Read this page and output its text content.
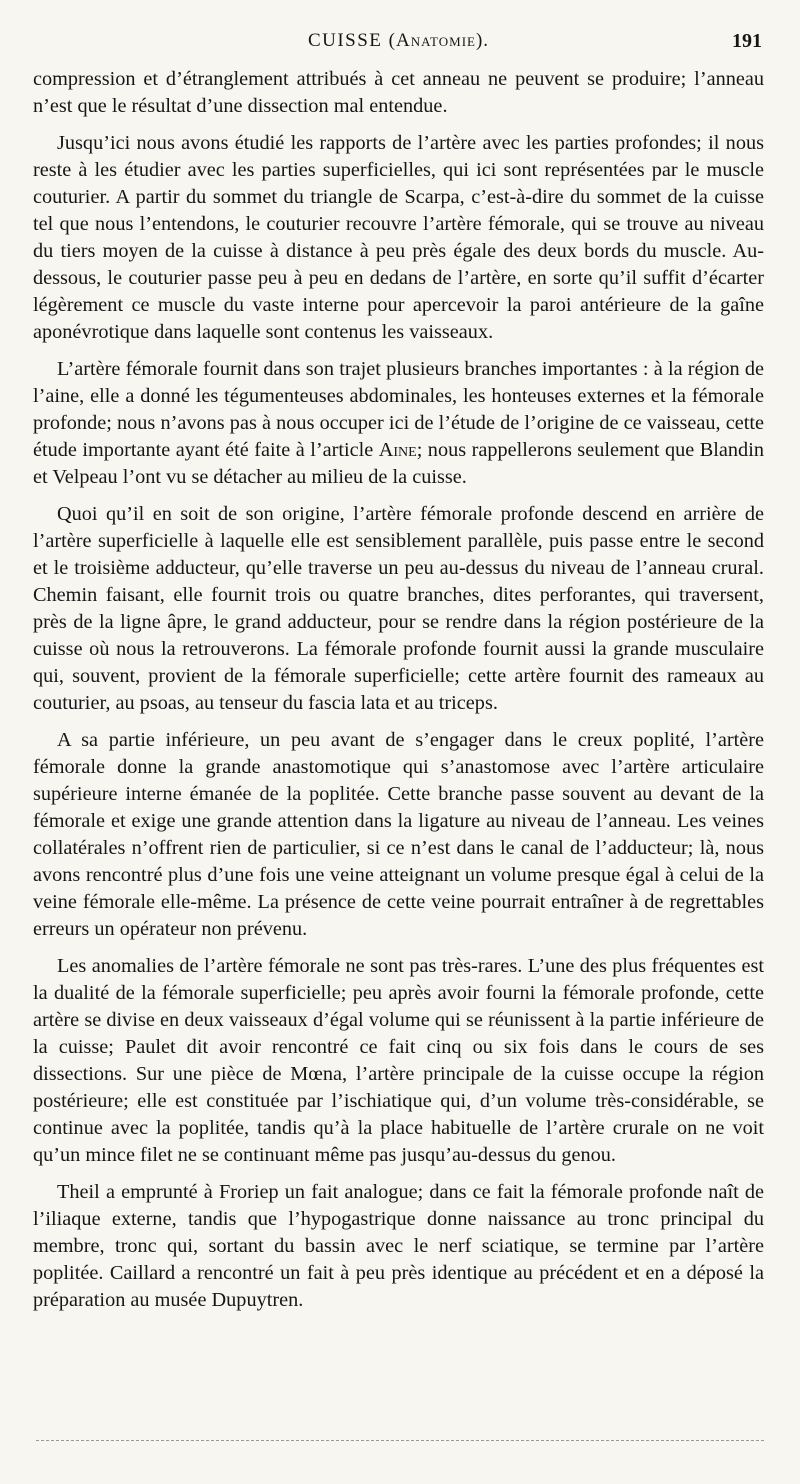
CUISSE (Anatomie).	191

compression et d’étranglement attribués à cet anneau ne peuvent se produire; l’anneau n’est que le résultat d’une dissection mal entendue.

Jusqu’ici nous avons étudié les rapports de l’artère avec les parties profondes; il nous reste à les étudier avec les parties superficielles, qui ici sont représentées par le muscle couturier. A partir du sommet du triangle de Scarpa, c’est-à-dire du sommet de la cuisse tel que nous l’entendons, le couturier recouvre l’artère fémorale, qui se trouve au niveau du tiers moyen de la cuisse à distance à peu près égale des deux bords du muscle. Au-dessous, le couturier passe peu à peu en dedans de l’artère, en sorte qu’il suffit d’écarter légèrement ce muscle du vaste interne pour apercevoir la paroi antérieure de la gaîne aponévrotique dans laquelle sont contenus les vaisseaux.

L’artère fémorale fournit dans son trajet plusieurs branches importantes : à la région de l’aine, elle a donné les tégumenteuses abdominales, les honteuses externes et la fémorale profonde; nous n’avons pas à nous occuper ici de l’étude de l’origine de ce vaisseau, cette étude importante ayant été faite à l’article Aine; nous rappellerons seulement que Blandin et Velpeau l’ont vu se détacher au milieu de la cuisse.

Quoi qu’il en soit de son origine, l’artère fémorale profonde descend en arrière de l’artère superficielle à laquelle elle est sensiblement parallèle, puis passe entre le second et le troisième adducteur, qu’elle traverse un peu au-dessus du niveau de l’anneau crural. Chemin faisant, elle fournit trois ou quatre branches, dites perforantes, qui traversent, près de la ligne âpre, le grand adducteur, pour se rendre dans la région postérieure de la cuisse où nous la retrouverons. La fémorale profonde fournit aussi la grande musculaire qui, souvent, provient de la fémorale superficielle; cette artère fournit des rameaux au couturier, au psoas, au tenseur du fascia lata et au triceps.

A sa partie inférieure, un peu avant de s’engager dans le creux poplité, l’artère fémorale donne la grande anastomotique qui s’anastomose avec l’artère articulaire supérieure interne émanée de la poplitée. Cette branche passe souvent au devant de la fémorale et exige une grande attention dans la ligature au niveau de l’anneau. Les veines collatérales n’offrent rien de particulier, si ce n’est dans le canal de l’adducteur; là, nous avons rencontré plus d’une fois une veine atteignant un volume presque égal à celui de la veine fémorale elle-même. La présence de cette veine pourrait entraîner à de regrettables erreurs un opérateur non prévenu.

Les anomalies de l’artère fémorale ne sont pas très-rares. L’une des plus fréquentes est la dualité de la fémorale superficielle; peu après avoir fourni la fémorale profonde, cette artère se divise en deux vaisseaux d’égal volume qui se réunissent à la partie inférieure de la cuisse; Paulet dit avoir rencontré ce fait cinq ou six fois dans le cours de ses dissections. Sur une pièce de Mœna, l’artère principale de la cuisse occupe la région postérieure; elle est constituée par l’ischiatique qui, d’un volume très-considérable, se continue avec la poplitée, tandis qu’à la place habituelle de l’artère crurale on ne voit qu’un mince filet ne se continuant même pas jusqu’au-dessus du genou.

Theil a emprunté à Froriep un fait analogue; dans ce fait la fémorale profonde naît de l’iliaque externe, tandis que l’hypogastrique donne naissance au tronc principal du membre, tronc qui, sortant du bassin avec le nerf sciatique, se termine par l’artère poplitée. Caillard a rencontré un fait à peu près identique au précédent et en a déposé la préparation au musée Dupuytren.
